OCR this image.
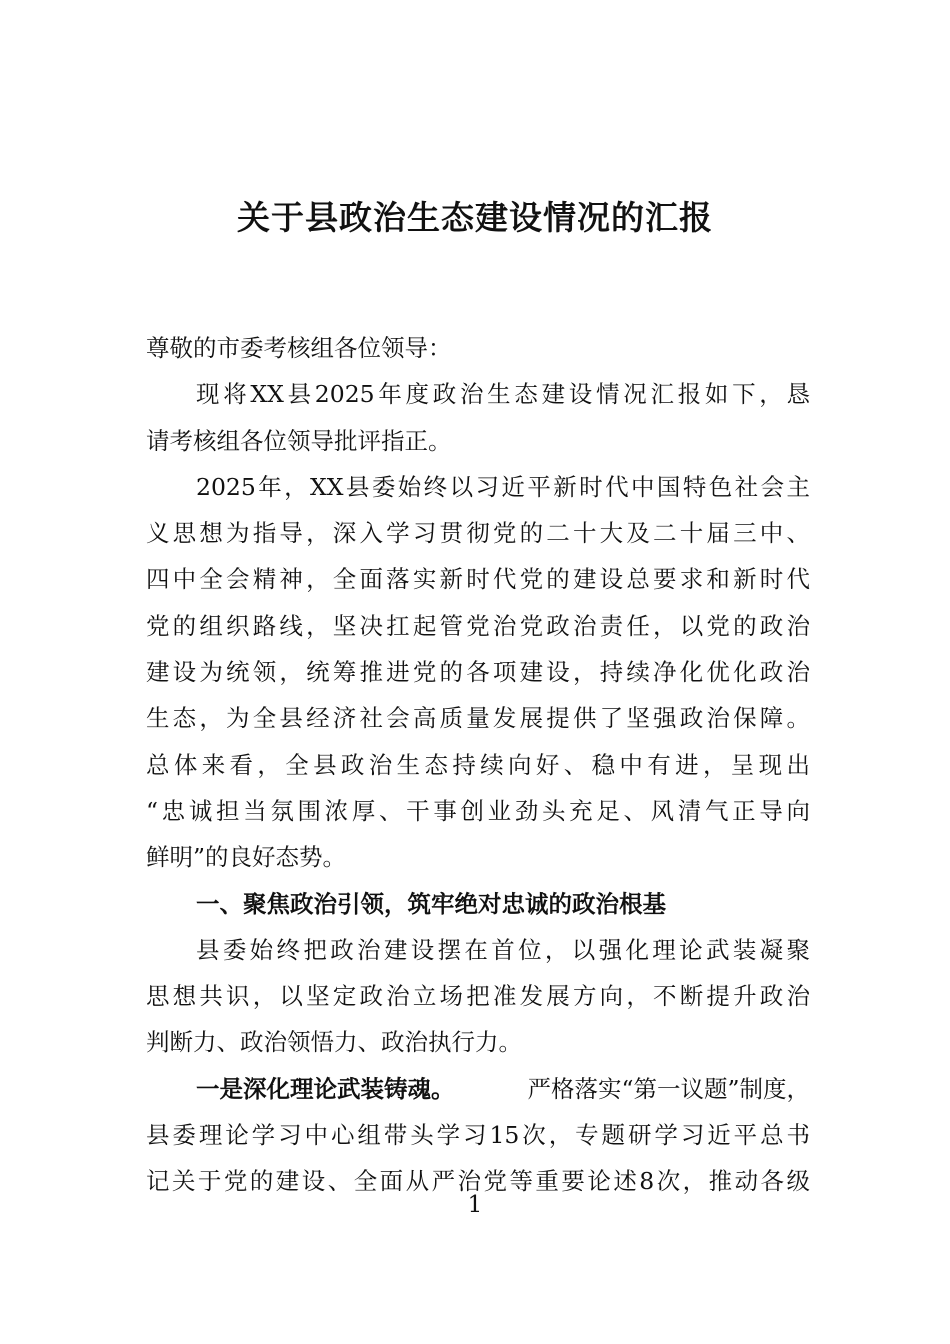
关于县政治生态建设情况的汇报
尊敬的市委考核组各位领导：
现将XX县2025年度政治生态建设情况汇报如下，恳
请考核组各位领导批评指正。
2025年，XX县委始终以习近平新时代中国特色社会主
义思想为指导，深入学习贯彻党的二十大及二十届三中、
四中全会精神，全面落实新时代党的建设总要求和新时代
党的组织路线，坚决扛起管党治党政治责任，以党的政治
建设为统领，统筹推进党的各项建设，持续净化优化政治
生态，为全县经济社会高质量发展提供了坚强政治保障。
总体来看，全县政治生态持续向好、稳中有进，呈现出
“忠诚担当氛围浓厚、干事创业劲头充足、风清气正导向
鲜明”的良好态势。
一、聚焦政治引领，筑牢绝对忠诚的政治根基
县委始终把政治建设摆在首位，以强化理论武装凝聚
思想共识，以坚定政治立场把准发展方向，不断提升政治
判断力、政治领悟力、政治执行力。
一是深化理论武装铸魂。	严格落实“第一议题”制度，
县委理论学习中心组带头学习15次，专题研学习近平总书
记关于党的建设、全面从严治党等重要论述8次，推动各级
1
